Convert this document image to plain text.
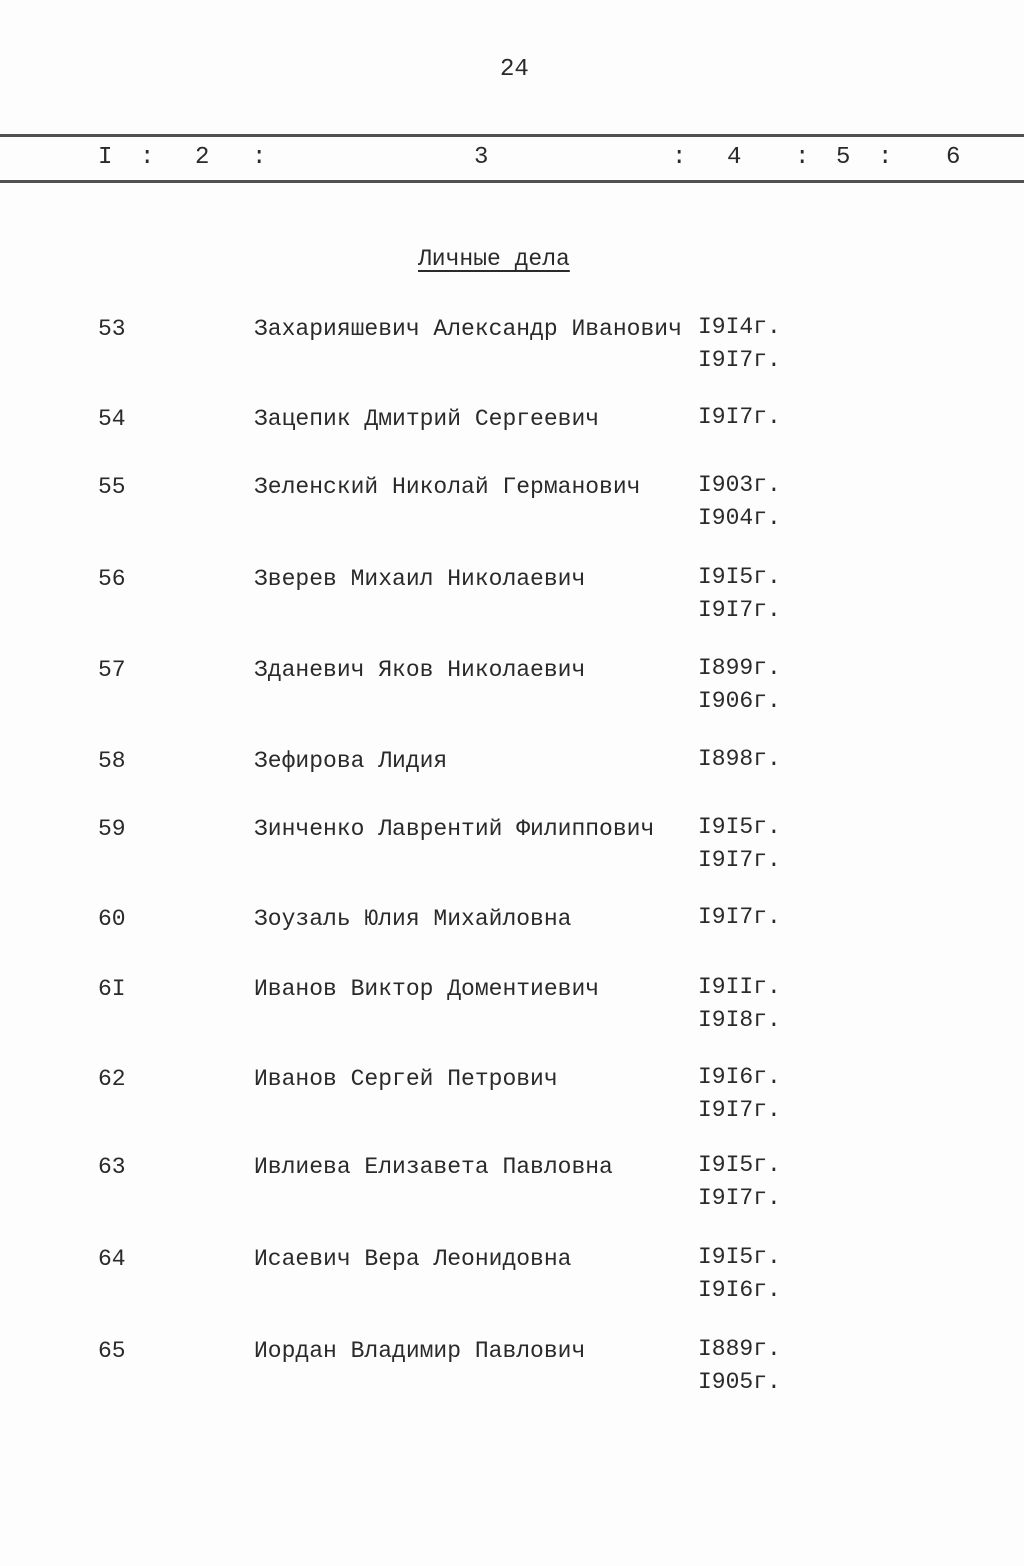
24
I : 2 :	3	: 4 : 5 : 6
Личные дела
53	Захарияшевич Александр Иванович I9I4г.
I9I7г.
54	Зацепик Дмитрий Сергеевич	I9I7г.
55	Зеленский Николай Германович	I903г.
I904г.
56	Зверев Михаил Николаевич	I9I5г.
I9I7г.
57	Зданевич Яков Николаевич	I899г.
I906г.
58	Зефирова Лидия	I898г.
59	Зинченко Лаврентий Филиппович I9I5г.
I9I7г.
60	Зоузаль Юлия Михайловна	I9I7г.
6I	Иванов Виктор Доментиевич	I9IIг.
I9I8г.
62	Иванов Сергей Петрович	I9I6г.
I9I7г.
63	Ивлиева Елизавета Павловна	I9I5г.
I9I7г.
64	Исаевич Вера Леонидовна	I9I5г.
I9I6г.
65	Иордан Владимир Павлович	I889г.
I905г.
